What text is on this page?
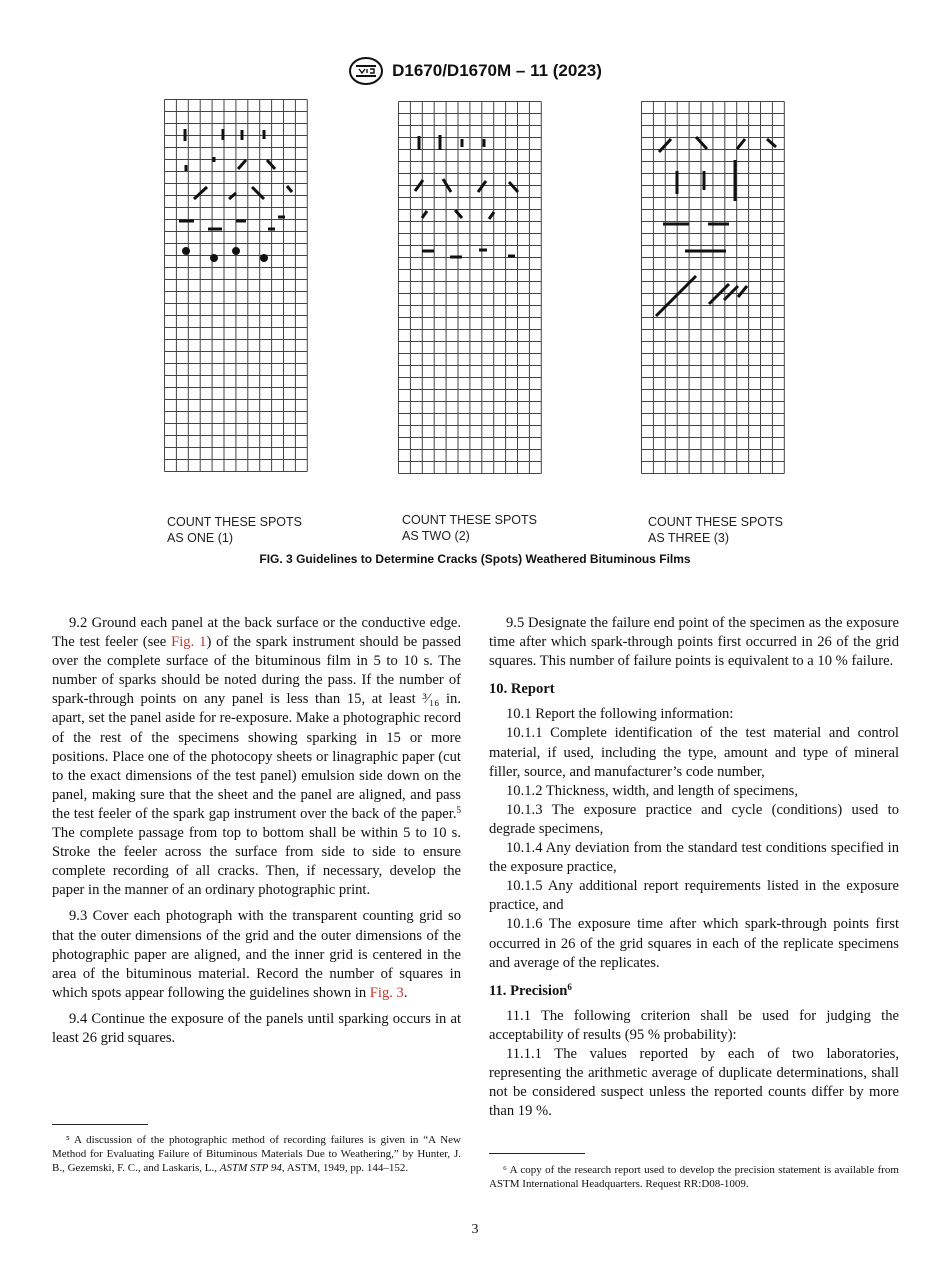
D1670/D1670M – 11 (2023)
COUNT THESE SPOTS
AS ONE (1)
COUNT THESE SPOTS
AS TWO (2)
COUNT THESE SPOTS
AS THREE (3)
FIG. 3 Guidelines to Determine Cracks (Spots) Weathered Bituminous Films

9.2 Ground each panel at the back surface or the conductive edge. The test feeler (see Fig. 1) of the spark instrument should be passed over the complete surface of the bituminous film in 5 to 10 s. The number of sparks should be noted during the pass. If the number of spark-through points on any panel is less than 15, at least ³⁄₁₆ in. apart, set the panel aside for re-exposure. Make a photographic record of the rest of the specimens showing sparking in 15 or more positions. Place one of the photocopy sheets or linagraphic paper (cut to the exact dimensions of the test panel) emulsion side down on the panel, making sure that the sheet and the panel are aligned, and pass the test feeler of the spark gap instrument over the back of the paper.$^5$ The complete passage from top to bottom shall be within 5 to 10 s. Stroke the feeler across the surface from side to side to ensure complete recording of all cracks. Then, if necessary, develop the paper in the manner of an ordinary photographic print.

9.3 Cover each photograph with the transparent counting grid so that the outer dimensions of the grid and the outer dimensions of the photographic paper are aligned, and the inner grid is centered in the area of the bituminous material. Record the number of squares in which spots appear following the guidelines shown in Fig. 3.

9.4 Continue the exposure of the panels until sparking occurs in at least 26 grid squares.

⁵ A discussion of the photographic method of recording failures is given in “A New Method for Evaluating Failure of Bituminous Materials Due to Weathering,” by Hunter, J. B., Gezemski, F. C., and Laskaris, L., ASTM STP 94, ASTM, 1949, pp. 144–152.

9.5 Designate the failure end point of the specimen as the exposure time after which spark-through points first occurred in 26 of the grid squares. This number of failure points is equivalent to a 10 % failure.

10. Report

10.1 Report the following information:

10.1.1 Complete identification of the test material and control material, if used, including the type, amount and type of mineral filler, source, and manufacturer’s code number,

10.1.2 Thickness, width, and length of specimens,

10.1.3 The exposure practice and cycle (conditions) used to degrade specimens,

10.1.4 Any deviation from the standard test conditions specified in the exposure practice,

10.1.5 Any additional report requirements listed in the exposure practice, and

10.1.6 The exposure time after which spark-through points first occurred in 26 of the grid squares in each of the replicate specimens and average of the replicates.

11. Precision$^6$

11.1 The following criterion shall be used for judging the acceptability of results (95 % probability):

11.1.1 The values reported by each of two laboratories, representing the arithmetic average of duplicate determinations, shall not be considered suspect unless the reported counts differ by more than 19 %.

⁶ A copy of the research report used to develop the precision statement is available from ASTM International Headquarters. Request RR:D08-1009.

3
